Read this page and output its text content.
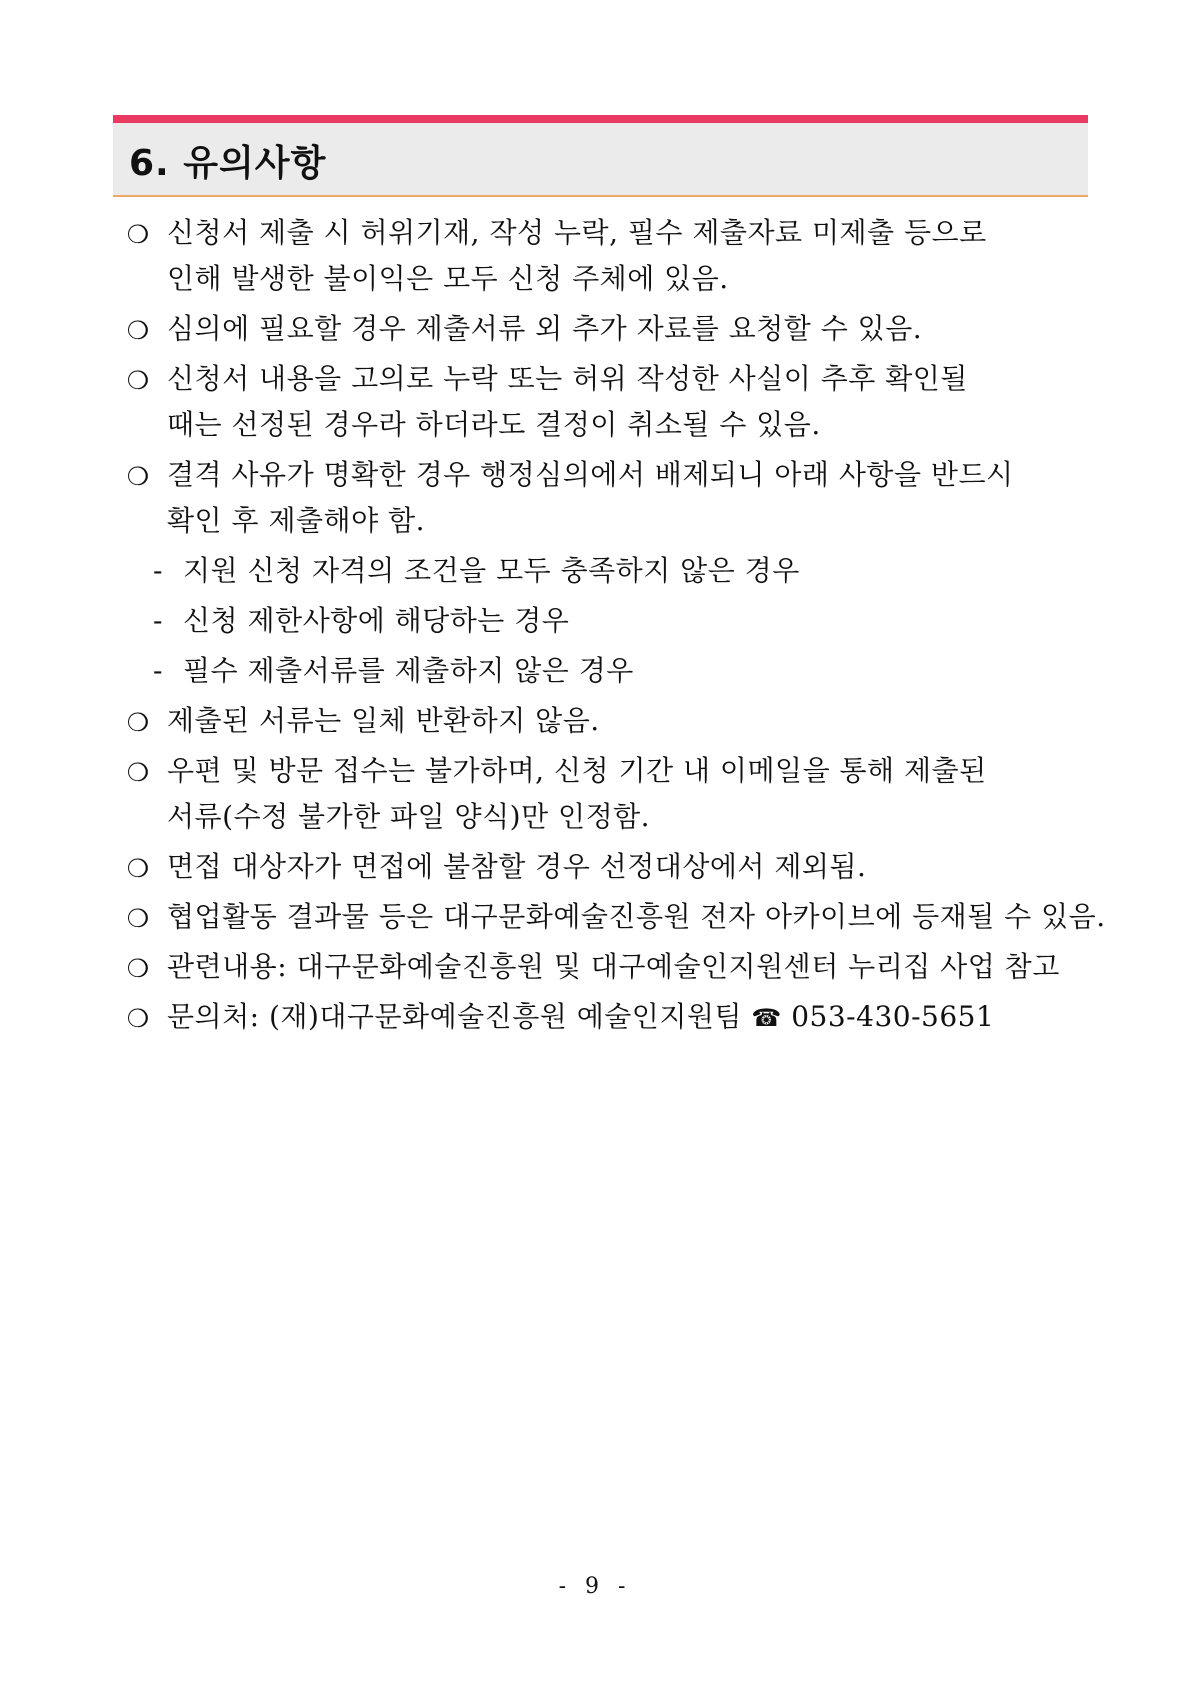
6. 유의사항
❍ 신청서 제출 시 허위기재, 작성 누락, 필수 제출자료 미제출 등으로
인해 발생한 불이익은 모두 신청 주체에 있음.
❍ 심의에 필요할 경우 제출서류 외 추가 자료를 요청할 수 있음.
❍ 신청서 내용을 고의로 누락 또는 허위 작성한 사실이 추후 확인될
때는 선정된 경우라 하더라도 결정이 취소될 수 있음.
❍ 결격 사유가 명확한 경우 행정심의에서 배제되니 아래 사항을 반드시
확인 후 제출해야 함.
- 지원 신청 자격의 조건을 모두 충족하지 않은 경우
- 신청 제한사항에 해당하는 경우
- 필수 제출서류를 제출하지 않은 경우
❍ 제출된 서류는 일체 반환하지 않음.
❍ 우편 및 방문 접수는 불가하며, 신청 기간 내 이메일을 통해 제출된
서류(수정 불가한 파일 양식)만 인정함.
❍ 면접 대상자가 면접에 불참할 경우 선정대상에서 제외됨.
❍ 협업활동 결과물 등은 대구문화예술진흥원 전자 아카이브에 등재될 수 있음.
❍ 관련내용: 대구문화예술진흥원 및 대구예술인지원센터 누리집 사업 참고
❍ 문의처: (재)대구문화예술진흥원 예술인지원팀 ☎ 053-430-5651
- 9 -
